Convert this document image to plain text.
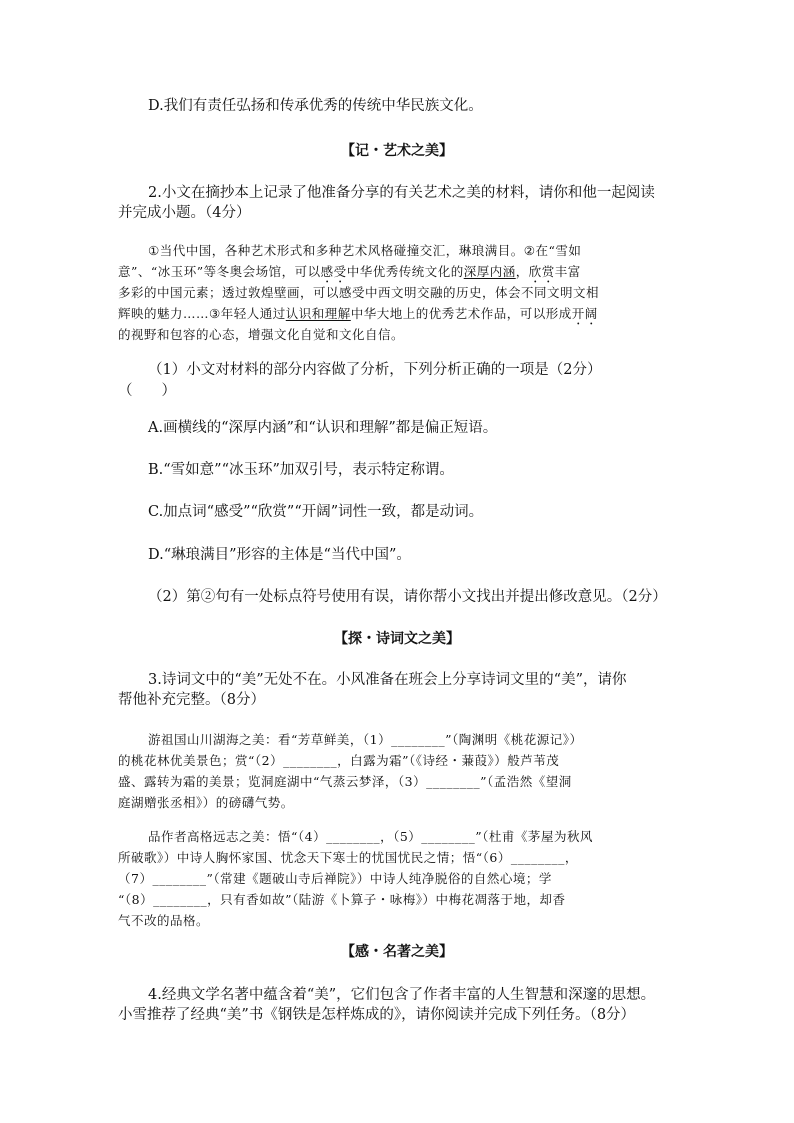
D.我们有责任弘扬和传承优秀的传统中华民族文化。
【记・艺术之美】
2.小文在摘抄本上记录了他准备分享的有关艺术之美的材料，请你和他一起阅读
并完成小题。（4分）
①当代中国，各种艺术形式和多种艺术风格碰撞交汇，琳琅满目。②在“雪如
意”、“冰玉环”等冬奥会场馆，可以感受中华优秀传统文化的深厚内涵，欣赏丰富
多彩的中国元素；透过敦煌壁画，可以感受中西文明交融的历史，体会不同文明文相
辉映的魅力……③年轻人通过认识和理解中华大地上的优秀艺术作品，可以形成开阔
的视野和包容的心态，增强文化自觉和文化自信。
（1）小文对材料的部分内容做了分析，下列分析正确的一项是（2分）
（　　）
A.画横线的“深厚内涵”和“认识和理解”都是偏正短语。
B.“雪如意”“冰玉环”加双引号，表示特定称谓。
C.加点词“感受”“欣赏”“开阔”词性一致，都是动词。
D.“琳琅满目”形容的主体是“当代中国”。
（2）第②句有一处标点符号使用有误，请你帮小文找出并提出修改意见。（2分）
【探・诗词文之美】
3.诗词文中的“美”无处不在。小风准备在班会上分享诗词文里的“美”，请你
帮他补充完整。（8分）
游祖国山川湖海之美：看“芳草鲜美，（1）________”（陶渊明《桃花源记》）
的桃花林优美景色；赏“（2）________，白露为霜”（《诗经・蒹葭》）般芦苇茂
盛、露转为霜的美景；览洞庭湖中“气蒸云梦泽，（3）________”（孟浩然《望洞
庭湖赠张丞相》）的磅礴气势。
品作者高格远志之美：悟“（4）________，（5）________”（杜甫《茅屋为秋风
所破歌》）中诗人胸怀家国、忧念天下寒士的忧国忧民之情；悟“（6）________，
（7）________”（常建《题破山寺后禅院》）中诗人纯净脱俗的自然心境；学
“（8）________，只有香如故”（陆游《卜算子・咏梅》）中梅花凋落于地，却香
气不改的品格。
【感・名著之美】
4.经典文学名著中蕴含着“美”，它们包含了作者丰富的人生智慧和深邃的思想。
小雪推荐了经典“美”书《钢铁是怎样炼成的》，请你阅读并完成下列任务。（8分）
